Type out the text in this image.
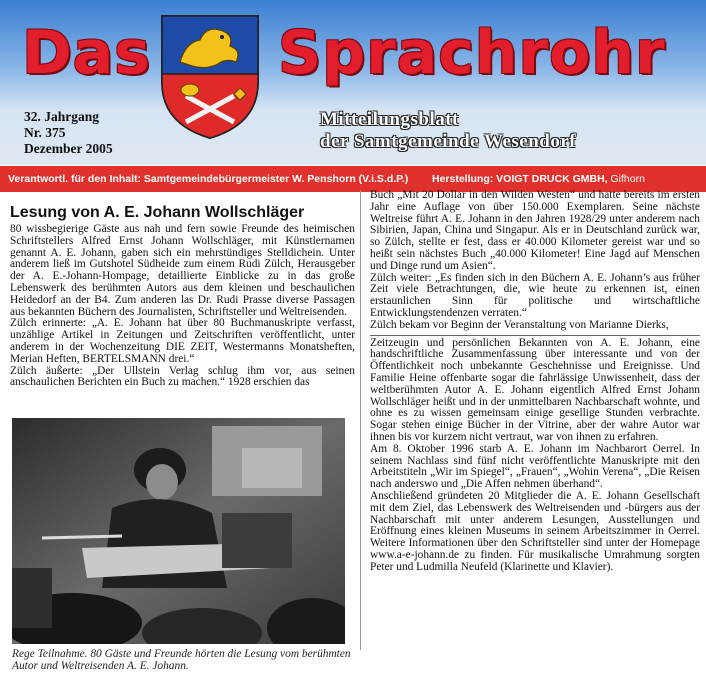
Das Sprachrohr
32. Jahrgang
Nr. 375
Dezember 2005
Mitteilungsblatt
der Samtgemeinde Wesendorf
Verantwortl. für den Inhalt: Samtgemeindebürgermeister W. Penshorn (V.i.S.d.P.) Herstellung: VOIGT DRUCK GMBH, Gifhorn
Lesung von A. E. Johann Wollschläger

80 wissbegierige Gäste aus nah und fern sowie Freunde des heimischen Schriftstellers Alfred Ernst Johann Wollschläger, mit Künstlernamen genannt A. E. Johann, gaben sich ein mehrstündiges Stelldichein. Unter anderem ließ im Gutshotel Südheide zum einem Rudi Zülch, Herausgeber der A. E.-Johann-Hompage, detaillierte Einblicke zu in das große Lebenswerk des berühmten Autors aus dem kleinen und beschaulichen Heidedorf an der B4. Zum anderen las Dr. Rudi Prasse diverse Passagen aus bekannten Büchern des Journalisten, Schriftsteller und Weltreisenden.

Zülch erinnerte: „A. E. Johann hat über 80 Buchmanuskripte verfasst, unzählige Artikel in Zeitungen und Zeitschriften veröffentlicht, unter anderem in der Wochenzeitung DIE ZEIT, Westermanns Monatsheften, Merian Heften, BERTELSMANN drei.“

Zülch äußerte: „Der Ullstein Verlag schlug ihm vor, aus seinen anschaulichen Berichten ein Buch zu machen.“ 1928 erschien das

Buch „Mit 20 Dollar in den Wilden Westen“ und hatte bereits im ersten Jahr eine Auflage von über 150.000 Exemplaren. Seine nächste Weltreise führt A. E. Johann in den Jahren 1928/29 unter anderem nach Sibirien, Japan, China und Singapur. Als er in Deutschland zurück war, so Zülch, stellte er fest, dass er 40.000 Kilometer gereist war und so heißt sein nächstes Buch „40.000 Kilometer! Eine Jagd auf Menschen und Dinge rund um Asien“.

Zülch weiter: „Es finden sich in den Büchern A. E. Johann’s aus früher Zeit viele Betrachtungen, die, wie heute zu erkennen ist, einen erstaunlichen Sinn für politische und wirtschaftliche Entwicklungstendenzen verraten.“

Zülch bekam vor Beginn der Veranstaltung von Marianne Dierks,

Zeitzeugin und persönlichen Bekannten von A. E. Johann, eine handschriftliche Zusammenfassung über interessante und von der Öffentlichkeit noch unbekannte Geschehnisse und Ereignisse. Und Familie Heine offenbarte sogar die fahrlässige Unwissenheit, dass der weltberühmten Autor A. E. Johann eigentlich Alfred Ernst Johann Wollschläger heißt und in der unmittelbaren Nachbarschaft wohnte, und ohne es zu wissen gemeinsam einige gesellige Stunden verbrachte. Sogar stehen einige Bücher in der Vitrine, aber der wahre Autor war ihnen bis vor kurzem nicht vertraut, war von ihnen zu erfahren.

Am 8. Oktober 1996 starb A. E. Johann im Nachbarort Oerrel. In seinem Nachlass sind fünf nicht veröffentlichte Manuskripte mit den Arbeitstiteln „Wir im Spiegel“, „Frauen“, „Wohin Verena“, „Die Reisen nach anderswo und „Die Affen nehmen überhand“.

Anschließend gründeten 20 Mitglieder die A. E. Johann Gesellschaft mit dem Ziel, das Lebenswerk des Weltreisenden und -bürgers aus der Nachbarschaft mit unter anderem Lesungen, Ausstellungen und Eröffnung eines kleinen Museums in seinem Arbeitszimmer in Oerrel. Weitere Informationen über den Schriftsteller sind unter der Homepage www.a-e-johann.de zu finden. Für musikalische Umrahmung sorgten Peter und Ludmilla Neufeld (Klarinette und Klavier).

Rege Teilnahme. 80 Gäste und Freunde hörten die Lesung vom berühmten Autor und Weltreisenden A. E. Johann.
